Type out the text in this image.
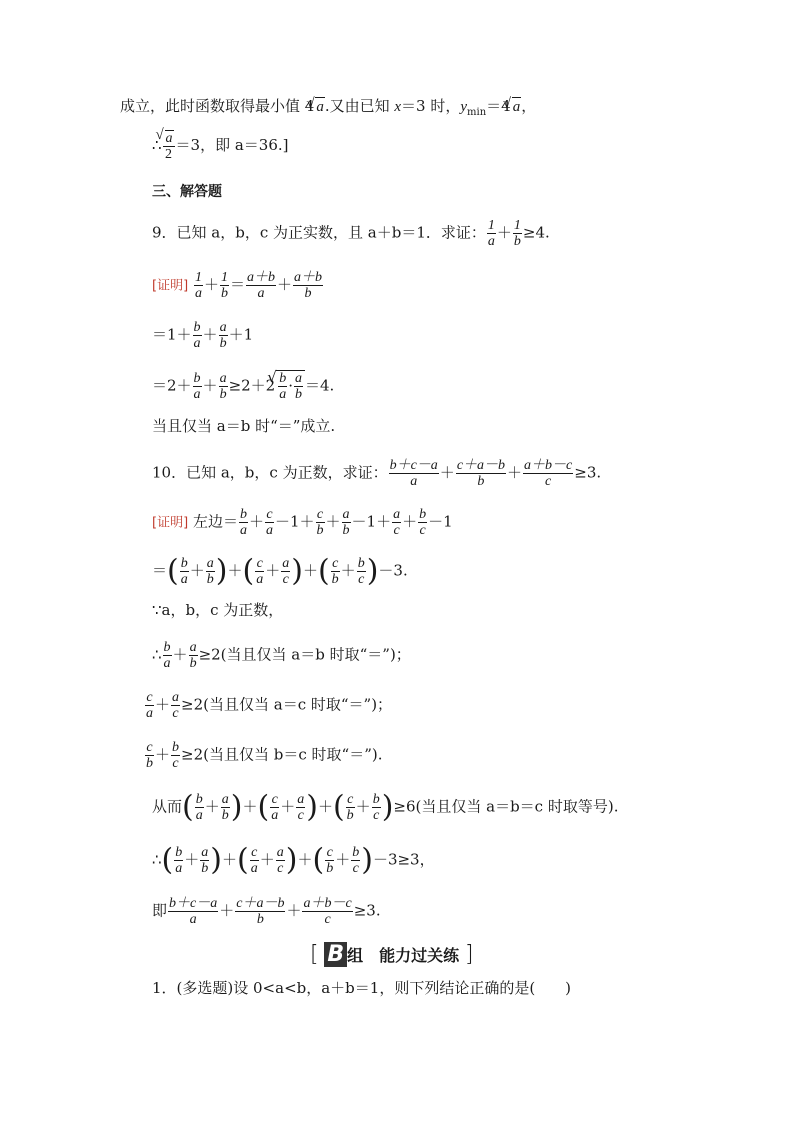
成立，此时函数取得最小值 4√ a.又由已知 x＝3 时，$y_{min}=4√$ a，
∴
√ $\frac{a}{2} =3$，即 a＝36.]
三、解答题
9．已知 a，b，c 为正实数，且 a＋b＝1．求证： $\frac{1}{a} + \frac{1}{b} \ge 4$.
[证明] $\frac{1}{a} + \frac{1}{b} = \frac{a+b}{a} + \frac{a+b}{b}$
$=1+ \frac{b}{a} + \frac{a}{b} +1$
$=2+ \frac{b}{a} + \frac{a}{b} \ge 2+2$
√ $\frac{b}{a} \cdot \frac{a}{b} =4$.
当且仅当 a＝b 时“＝”成立.
10．已知 a，b，c 为正数，求证： $\frac{b+c-a}{a} + \frac{c+a-b}{b} + \frac{a+b-c}{c} \ge 3$.
[证明] 左边＝ $\frac{b}{a} + \frac{c}{a} -1+ \frac{c}{b} + \frac{a}{b} -1+ \frac{a}{c} + \frac{b}{c} -1$
＝( $\frac{b}{a} + \frac{a}{b}$ )＋( $\frac{c}{a} + \frac{a}{c}$ )＋( $\frac{c}{b} + \frac{b}{c} )-3$.
∵a，b，c 为正数，
∴ $\frac{b}{a} + \frac{a}{b} \ge 2$(当且仅当 a＝b 时取“＝”)；
$\frac{c}{a} + \frac{a}{c} \ge 2$(当且仅当 a＝c 时取“＝”)；
$\frac{c}{b} + \frac{b}{c} \ge 2$(当且仅当 b＝c 时取“＝”).
从而( $\frac{b}{a} + \frac{a}{b}$ )＋( $\frac{c}{a} + \frac{a}{c}$ )＋( $\frac{c}{b} + \frac{b}{c} )\ge 6$(当且仅当 a＝b＝c 时取等号).
∴( $\frac{b}{a} + \frac{a}{b}$ )＋( $\frac{c}{a} + \frac{a}{c}$ )＋( $\frac{c}{b} + \frac{b}{c} )-3\ge 3$，
即 $\frac{b+c-a}{a} + \frac{c+a-b}{b} + \frac{a+b-c}{c} \ge 3$.
[ B 组　能力过关练 ]
1．(多选题)设 0<a<b，a＋b＝1，则下列结论正确的是(　　)
